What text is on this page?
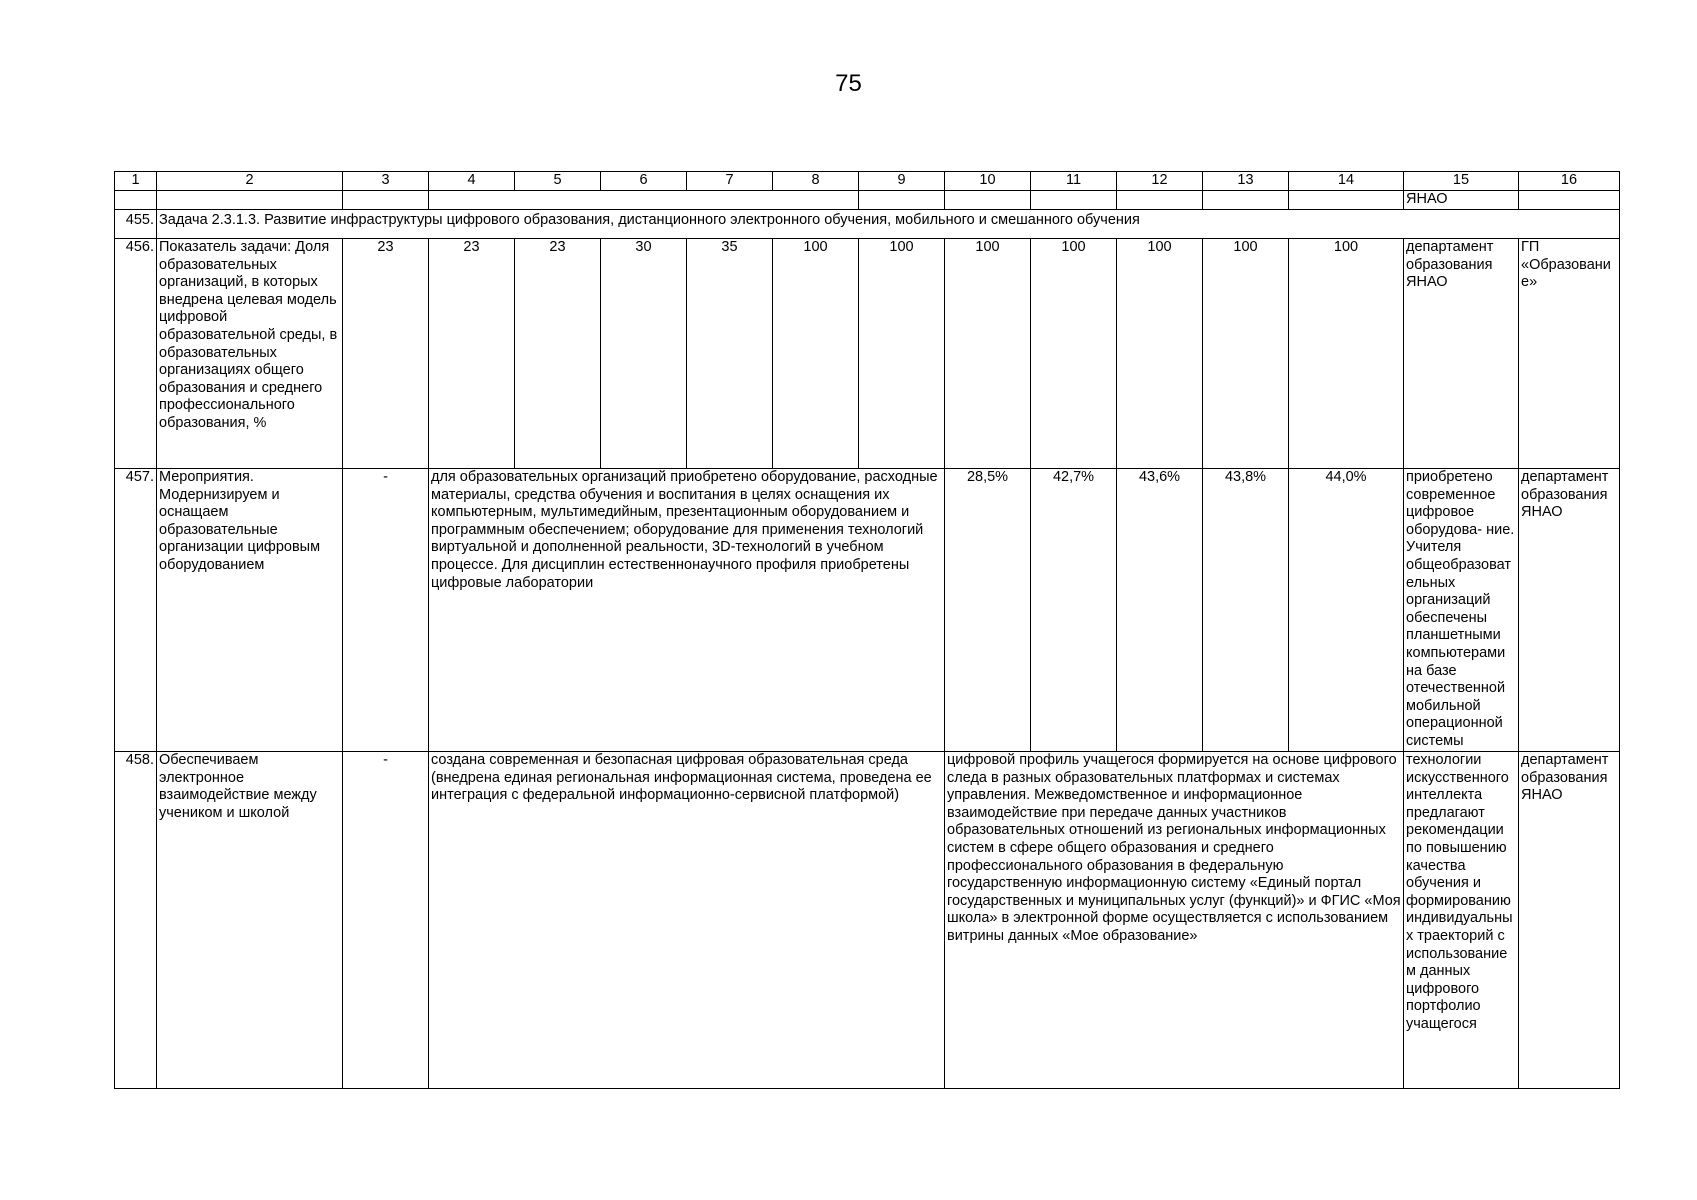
75
1	2	3	4	5	6	7	8	9	10	11	12	13	14	15	16	
														ЯНАО		
455.	Задача 2.3.1.3. Развитие инфраструктуры цифрового образования, дистанционного электронного обучения, мобильного и смешанного обучения															
456.	Показатель задачи: Доля образовательных организаций, в которых внедрена целевая модель цифровой образовательной среды, в образовательных организациях общего образования и среднего профессионального образования, %	23	23	23	30	35	100	100	100	100	100	100	100	департамент образования ЯНАО	ГП «Образование»	
457.	Мероприятия. Модернизируем и оснащаем образовательные организации цифровым оборудованием	-	для образовательных организаций приобретено оборудование, расходные материалы, средства обучения и воспитания в целях оснащения их компьютерным, мультимедийным, презентационным оборудованием и программным обеспечением; оборудование для применения технологий виртуальной и дополненной реальности, 3D-технологий в учебном процессе. Для дисциплин естественнонаучного профиля приобретены цифровые лаборатории						28,5%	42,7%	43,6%	43,8%	44,0%	приобретено современное цифровое оборудова- ние. Учителя общеобразовательных организаций обеспечены планшетными компьютерами на базе отечественной мобильной операционной системы	департамент образования ЯНАО	
458.	Обеспечиваем электронное взаимодействие между учеником и школой	-	создана современная и безопасная цифровая образовательная среда (внедрена единая региональная информационная система, проведена ее интеграция с федеральной информационно-сервисной платформой)						цифровой профиль учащегося формируется на основе цифрового следа в разных образовательных платформах и системах управления. Межведомственное и информационное взаимодействие при передаче данных участников образовательных отношений из региональных информационных систем в сфере общего образования и среднего профессионального образования в федеральную государственную информационную систему «Единый портал государственных и муниципальных услуг (функций)» и ФГИС «Моя школа» в электронной форме осуществляется с использованием витрины данных «Мое образование»					технологии искусственного интеллекта предлагают рекомендации по повышению качества обучения и формированию индивидуальных траекторий с использованием данных цифрового портфолио учащегося	департамент образования ЯНАО	
